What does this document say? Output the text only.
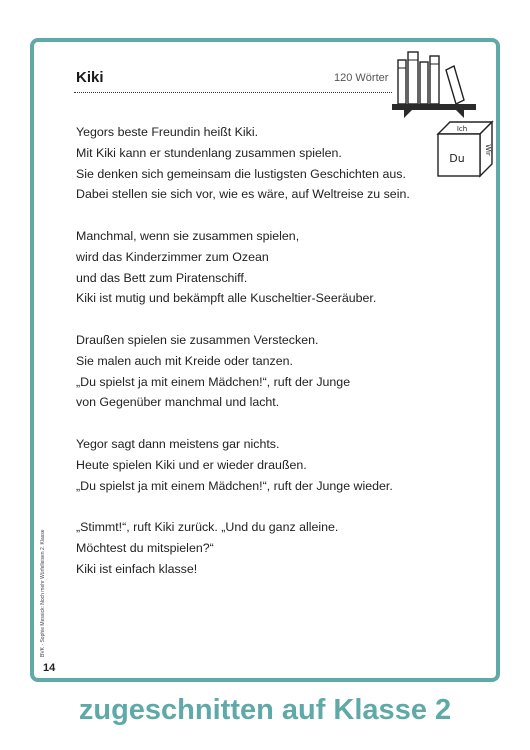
Kiki	120 Wörter
Ich
Du
Wir
Yegors beste Freundin heißt Kiki.
Mit Kiki kann er stundenlang zusammen spielen.
Sie denken sich gemeinsam die lustigsten Geschichten aus.
Dabei stellen sie sich vor, wie es wäre, auf Weltreise zu sein.
Manchmal, wenn sie zusammen spielen,
wird das Kinderzimmer zum Ozean
und das Bett zum Piratenschiff.
Kiki ist mutig und bekämpft alle Kuscheltier-Seeräuber.
Draußen spielen sie zusammen Verstecken.
Sie malen auch mit Kreide oder tanzen.
„Du spielst ja mit einem Mädchen!“, ruft der Junge
von Gegenüber manchmal und lacht.
Yegor sagt dann meistens gar nichts.
Heute spielen Kiki und er wieder draußen.
„Du spielst ja mit einem Mädchen!“, ruft der Junge wieder.
„Stimmt!“, ruft Kiki zurück. „Und du ganz alleine.
Möchtest du mitspielen?“
Kiki ist einfach klasse!
BVK · Sophie Messick: Noch mehr Würfelleisen 2. Klasse
14
zugeschnitten auf Klasse 2
